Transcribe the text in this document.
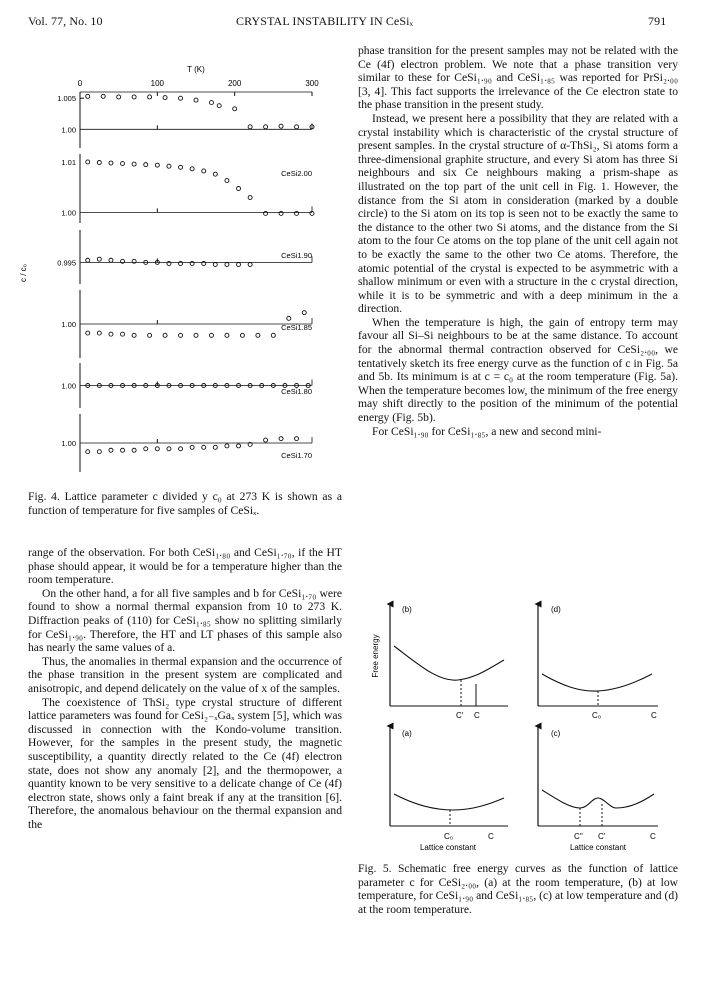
Vol. 77, No. 10	CRYSTAL INSTABILITY IN CeSiₓ	791
T (K)
0	100	200	300
c / c₀
1.005
1.00
1.01
1.00
0.995
1.00
1.00
1.00
CeSi2.00
CeSi1.90
CeSi1.85
CeSi1.80
CeSi1.70
Fig. 4. Lattice parameter c divided y c₀ at 273 K is shown as a function of temperature for five samples of CeSiₓ.

range of the observation. For both CeSi₁.₈₀ and CeSi₁.₇₀, if the HT phase should appear, it would be for a temperature higher than the room temperature.

On the other hand, a for all five samples and b for CeSi₁.₇₀ were found to show a normal thermal expansion from 10 to 273 K. Diffraction peaks of (110) for CeSi₁.₈₅ show no splitting similarly for CeSi₁.₉₀. Therefore, the HT and LT phases of this sample also has nearly the same values of a.

Thus, the anomalies in thermal expansion and the occurrence of the phase transition in the present system are complicated and anisotropic, and depend delicately on the value of x of the samples.

The coexistence of ThSi₂ type crystal structure of different lattice parameters was found for CeSi₂₋ₓGaₓ system [5], which was discussed in connection with the Kondo-volume transition. However, for the samples in the present study, the magnetic susceptibility, a quantity directly related to the Ce (4f) electron state, does not show any anomaly [2], and the thermopower, a quantity known to be very sensitive to a delicate change of Ce (4f) electron state, shows only a faint break if any at the transition [6]. Therefore, the anomalous behaviour on the thermal expansion and the

phase transition for the present samples may not be related with the Ce (4f) electron problem. We note that a phase transition very similar to these for CeSi₁.₉₀ and CeSi₁.₈₅ was reported for PrSi₂.₀₀ [3, 4]. This fact supports the irrelevance of the Ce electron state to the phase transition in the present study.

Instead, we present here a possibility that they are related with a crystal instability which is characteristic of the crystal structure of present samples. In the crystal structure of α-ThSi₂, Si atoms form a three-dimensional graphite structure, and every Si atom has three Si neighbours and six Ce neighbours making a prism-shape as illustrated on the top part of the unit cell in Fig. 1. However, the distance from the Si atom in consideration (marked by a double circle) to the Si atom on its top is seen not to be exactly the same to the distance to the other two Si atoms, and the distance from the Si atom to the four Ce atoms on the top plane of the unit cell again not to be exactly the same to the other two Ce atoms. Therefore, the atomic potential of the crystal is expected to be asymmetric with a shallow minimum or even with a structure in the c crystal direction, while it is to be symmetric and with a deep minimum in the a direction.

When the temperature is high, the gain of entropy term may favour all Si–Si neighbours to be at the same distance. To account for the abnormal thermal contraction observed for CeSi₂.₀₀, we tentatively sketch its free energy curve as the function of c in Fig. 5a and 5b. Its minimum is at c = c₀ at the room temperature (Fig. 5a). When the temperature becomes low, the minimum of the free energy may shift directly to the position of the minimum of the potential energy (Fig. 5b).

For CeSi₁.₉₀ for CeSi₁.₈₅, a new and second mini-

Free energy
(b)
C' C
(d)
C₀	C
(a)
C₀	C
Lattice constant
(c)
C'' C'	C
Lattice constant
Fig. 5. Schematic free energy curves as the function of lattice parameter c for CeSi₂.₀₀, (a) at the room temperature, (b) at low temperature, for CeSi₁.₉₀ and CeSi₁.₈₅, (c) at low temperature and (d) at the room temperature.
